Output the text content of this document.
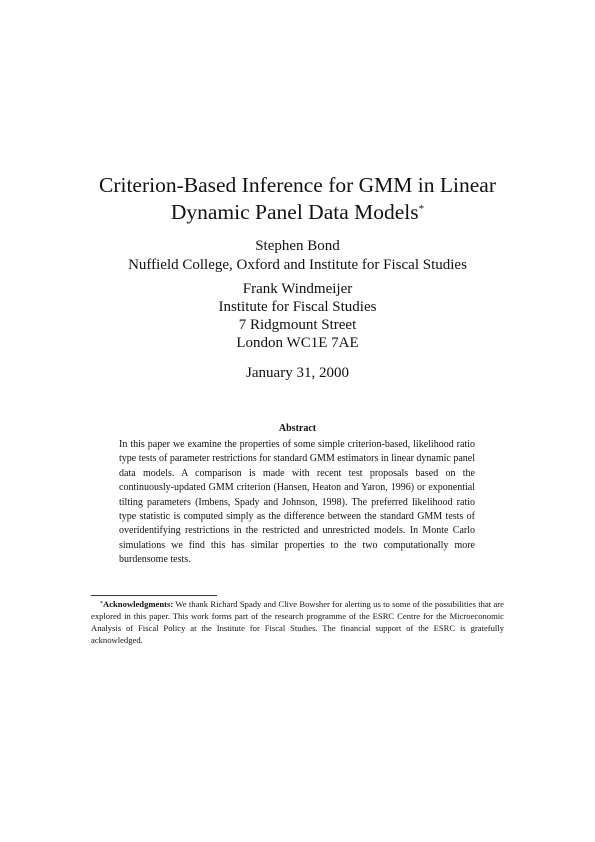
Criterion-Based Inference for GMM in Linear
Dynamic Panel Data Models*
Stephen Bond
Nuffield College, Oxford and Institute for Fiscal Studies
Frank Windmeijer
Institute for Fiscal Studies
7 Ridgmount Street
London WC1E 7AE
January 31, 2000
Abstract
In this paper we examine the properties of some simple criterion-based, likelihood ratio type tests of parameter restrictions for standard GMM estimators in linear dynamic panel data models. A comparison is made with recent test proposals based on the continuously-updated GMM criterion (Hansen, Heaton and Yaron, 1996) or exponential tilting parameters (Imbens, Spady and Johnson, 1998). The preferred likelihood ratio type statistic is computed simply as the difference between the standard GMM tests of overidentifying restrictions in the restricted and unrestricted models. In Monte Carlo simulations we find this has similar properties to the two computationally more burdensome tests.
*Acknowledgments: We thank Richard Spady and Clive Bowsher for alerting us to some of the possibilities that are explored in this paper. This work forms part of the research programme of the ESRC Centre for the Microeconomic Analysis of Fiscal Policy at the Institute for Fiscal Studies. The financial support of the ESRC is gratefully acknowledged.
